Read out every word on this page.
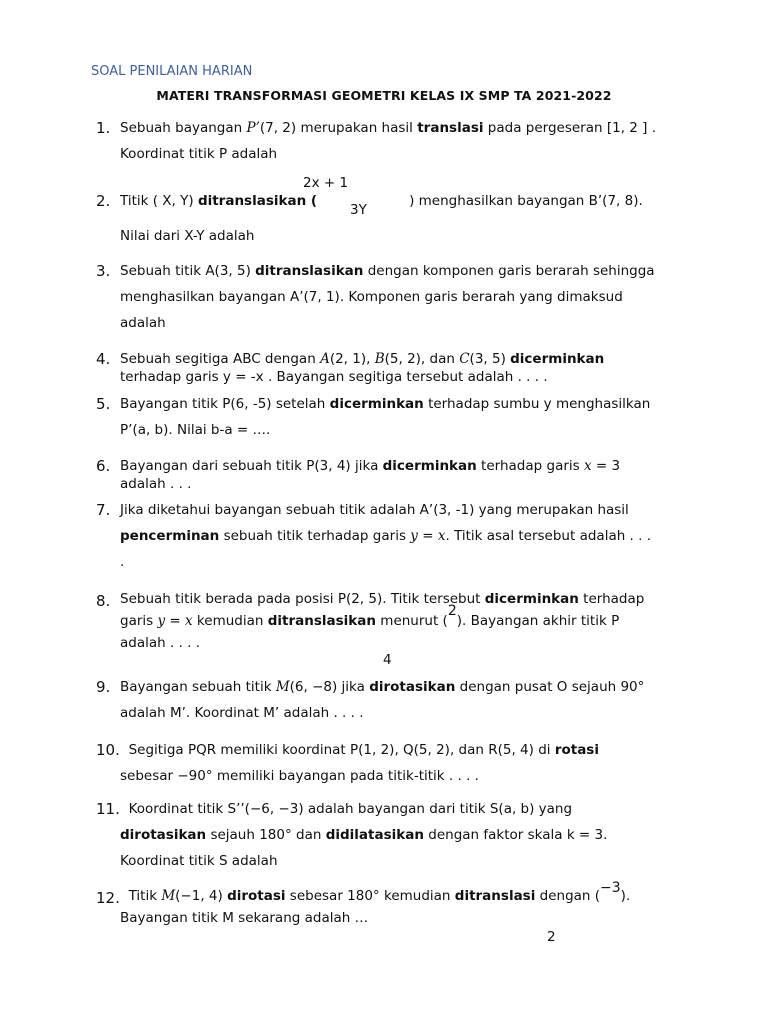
SOAL PENILAIAN HARIAN
MATERI TRANSFORMASI GEOMETRI KELAS IX SMP TA 2021-2022
1. Sebuah bayangan P’(7, 2) merupakan hasil translasi pada pergeseran [1, 2 ] .
Koordinat titik P adalah
2x + 1
2. Titik ( X, Y) ditranslasikan (	) menghasilkan bayangan B’(7, 8).
3Y
Nilai dari X-Y adalah
3. Sebuah titik A(3, 5) ditranslasikan dengan komponen garis berarah sehingga
menghasilkan bayangan A’(7, 1). Komponen garis berarah yang dimaksud
adalah
4. Sebuah segitiga ABC dengan A(2, 1), B(5, 2), dan C(3, 5) dicerminkan
terhadap garis y = -x . Bayangan segitiga tersebut adalah . . . .
5. Bayangan titik P(6, -5) setelah dicerminkan terhadap sumbu y menghasilkan
P’(a, b). Nilai b-a = ….
6. Bayangan dari sebuah titik P(3, 4) jika dicerminkan terhadap garis x = 3
adalah . . .
7. Jika diketahui bayangan sebuah titik adalah A’(3, -1) yang merupakan hasil
pencerminan sebuah titik terhadap garis y = x. Titik asal tersebut adalah . . .
.
8. Sebuah titik berada pada posisi P(2, 5). Titik tersebut dicerminkan terhadap
garis y = x kemudian ditranslasikan menurut (2). Bayangan akhir titik P
adalah . . . .
4
9. Bayangan sebuah titik M(6, −8) jika dirotasikan dengan pusat O sejauh 90°
adalah M’. Koordinat M’ adalah . . . .
10. Segitiga PQR memiliki koordinat P(1, 2), Q(5, 2), dan R(5, 4) di rotasi
sebesar −90° memiliki bayangan pada titik-titik . . . .
11. Koordinat titik S’’(−6, −3) adalah bayangan dari titik S(a, b) yang
dirotasikan sejauh 180° dan didilatasikan dengan faktor skala k = 3.
Koordinat titik S adalah
12. Titik M(−1, 4) dirotasi sebesar 180° kemudian ditranslasi dengan (−3).
Bayangan titik M sekarang adalah …
2
